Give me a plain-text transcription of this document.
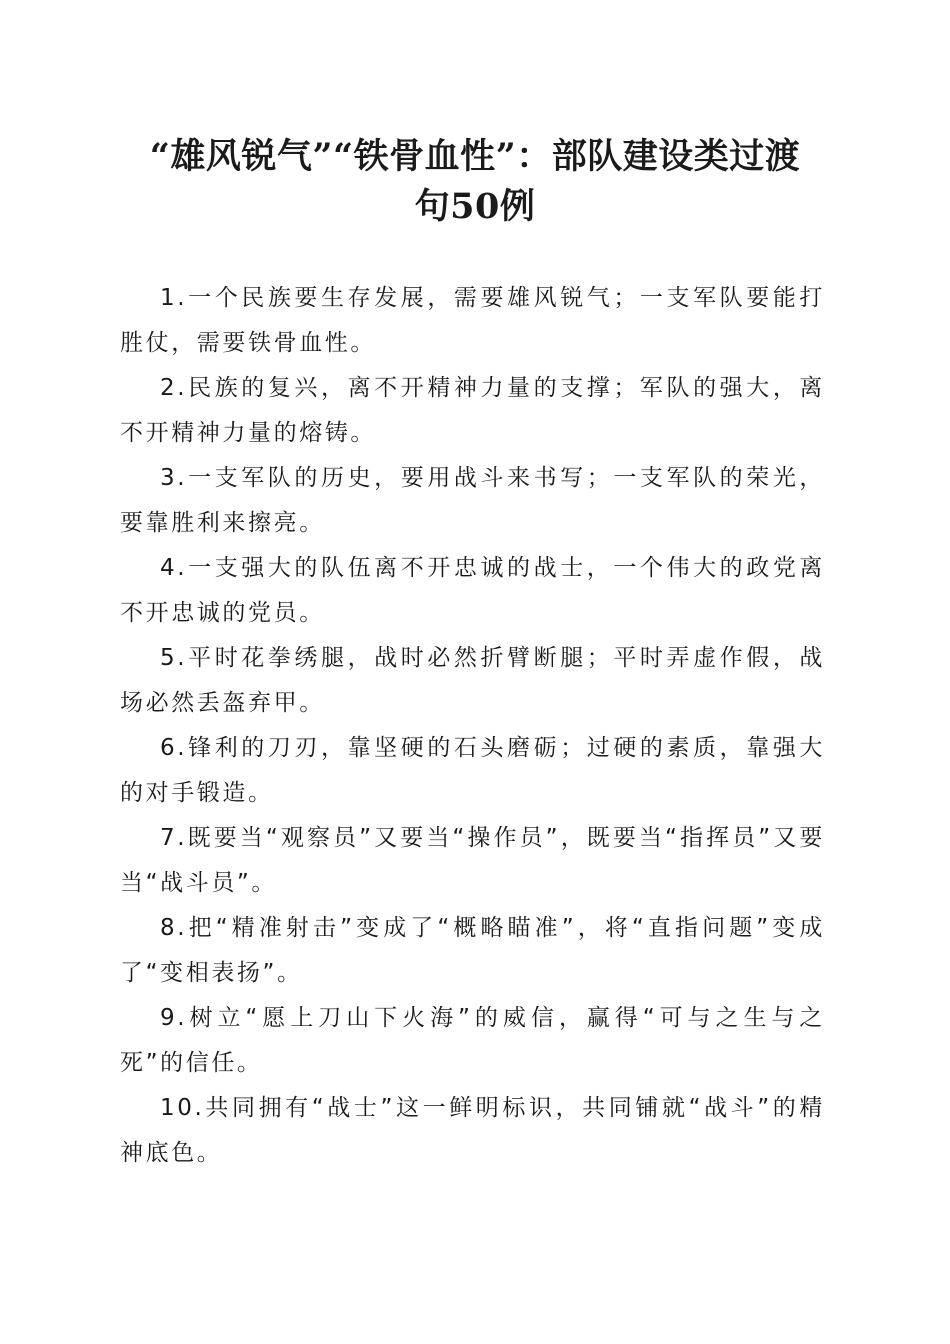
“雄风锐气”“铁骨血性”：部队建设类过渡
句50例

1.一个民族要生存发展，需要雄风锐气；一支军队要能打胜仗，需要铁骨血性。

2.民族的复兴，离不开精神力量的支撑；军队的强大，离不开精神力量的熔铸。

3.一支军队的历史，要用战斗来书写；一支军队的荣光，要靠胜利来擦亮。

4.一支强大的队伍离不开忠诚的战士，一个伟大的政党离不开忠诚的党员。

5.平时花拳绣腿，战时必然折臂断腿；平时弄虚作假，战场必然丢盔弃甲。

6.锋利的刀刃，靠坚硬的石头磨砺；过硬的素质，靠强大的对手锻造。

7.既要当“观察员”又要当“操作员”，既要当“指挥员”又要当“战斗员”。

8.把“精准射击”变成了“概略瞄准”，将“直指问题”变成了“变相表扬”。

9.树立“愿上刀山下火海”的威信，赢得“可与之生与之死”的信任。

10.共同拥有“战士”这一鲜明标识，共同铺就“战斗”的精神底色。
